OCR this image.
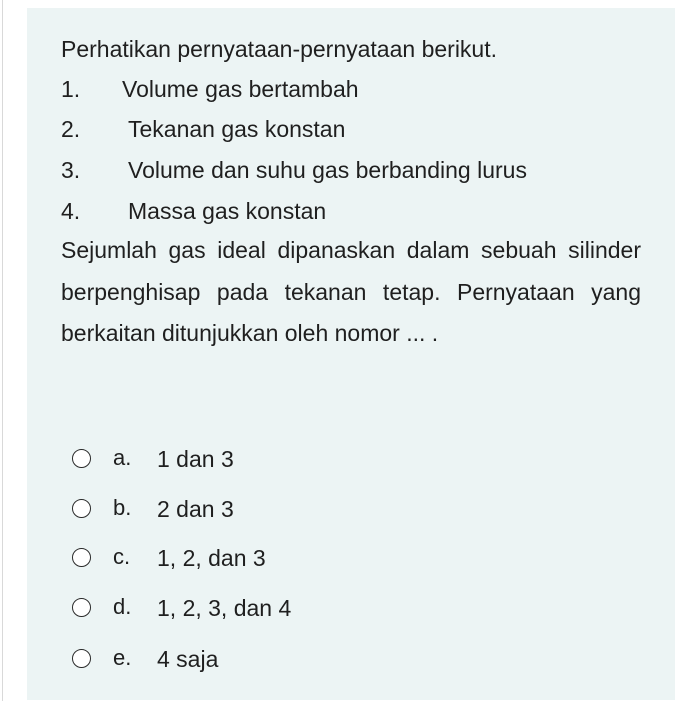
Perhatikan pernyataan-pernyataan berikut.
1. Volume gas bertambah
2. Tekanan gas konstan
3. Volume dan suhu gas berbanding lurus
4. Massa gas konstan
Sejumlah gas ideal dipanaskan dalam sebuah silinder berpenghisap pada tekanan tetap. Pernyataan yang berkaitan ditunjukkan oleh nomor ... .
a. 1 dan 3
b. 2 dan 3
c. 1, 2, dan 3
d. 1, 2, 3, dan 4
e. 4 saja
